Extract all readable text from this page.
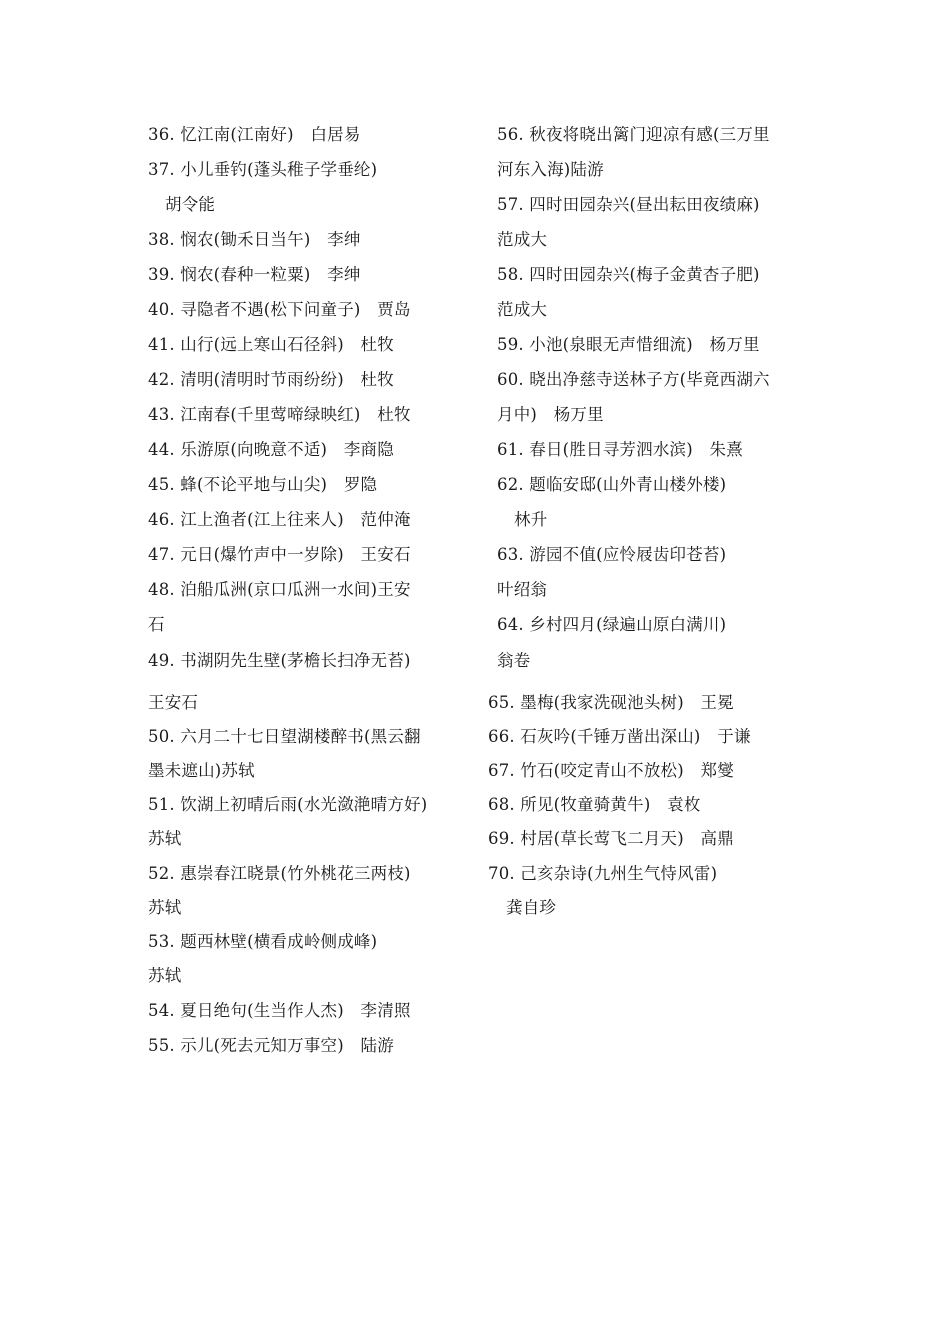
36. 忆江南(江南好)　白居易
37. 小儿垂钓(蓬头稚子学垂纶)
胡令能
38. 悯农(锄禾日当午)　李绅
39. 悯农(春种一粒粟)　李绅
40. 寻隐者不遇(松下问童子)　贾岛
41. 山行(远上寒山石径斜)　杜牧
42. 清明(清明时节雨纷纷)　杜牧
43. 江南春(千里莺啼绿映红)　杜牧
44. 乐游原(向晚意不适)　李商隐
45. 蜂(不论平地与山尖)　罗隐
46. 江上渔者(江上往来人)　范仲淹
47. 元日(爆竹声中一岁除)　王安石
48. 泊船瓜洲(京口瓜洲一水间)王安
石
49. 书湖阴先生壁(茅檐长扫净无苔)
王安石
50. 六月二十七日望湖楼醉书(黑云翻
墨未遮山)苏轼
51. 饮湖上初晴后雨(水光潋滟晴方好)
苏轼
52. 惠崇春江晓景(竹外桃花三两枝)
苏轼
53. 题西林壁(横看成岭侧成峰)
苏轼
54. 夏日绝句(生当作人杰)　李清照
55. 示儿(死去元知万事空)　陆游
56. 秋夜将晓出篱门迎凉有感(三万里
河东入海)陆游
57. 四时田园杂兴(昼出耘田夜绩麻)
范成大
58. 四时田园杂兴(梅子金黄杏子肥)
范成大
59. 小池(泉眼无声惜细流)　杨万里
60. 晓出净慈寺送林子方(毕竟西湖六
月中)　杨万里
61. 春日(胜日寻芳泗水滨)　朱熹
62. 题临安邸(山外青山楼外楼)
林升
63. 游园不值(应怜屐齿印苍苔)
叶绍翁
64. 乡村四月(绿遍山原白满川)
翁卷
65. 墨梅(我家洗砚池头树)　王冕
66. 石灰吟(千锤万凿出深山)　于谦
67. 竹石(咬定青山不放松)　郑燮
68. 所见(牧童骑黄牛)　袁枚
69. 村居(草长莺飞二月天)　高鼎
70. 己亥杂诗(九州生气恃风雷)
龚自珍
